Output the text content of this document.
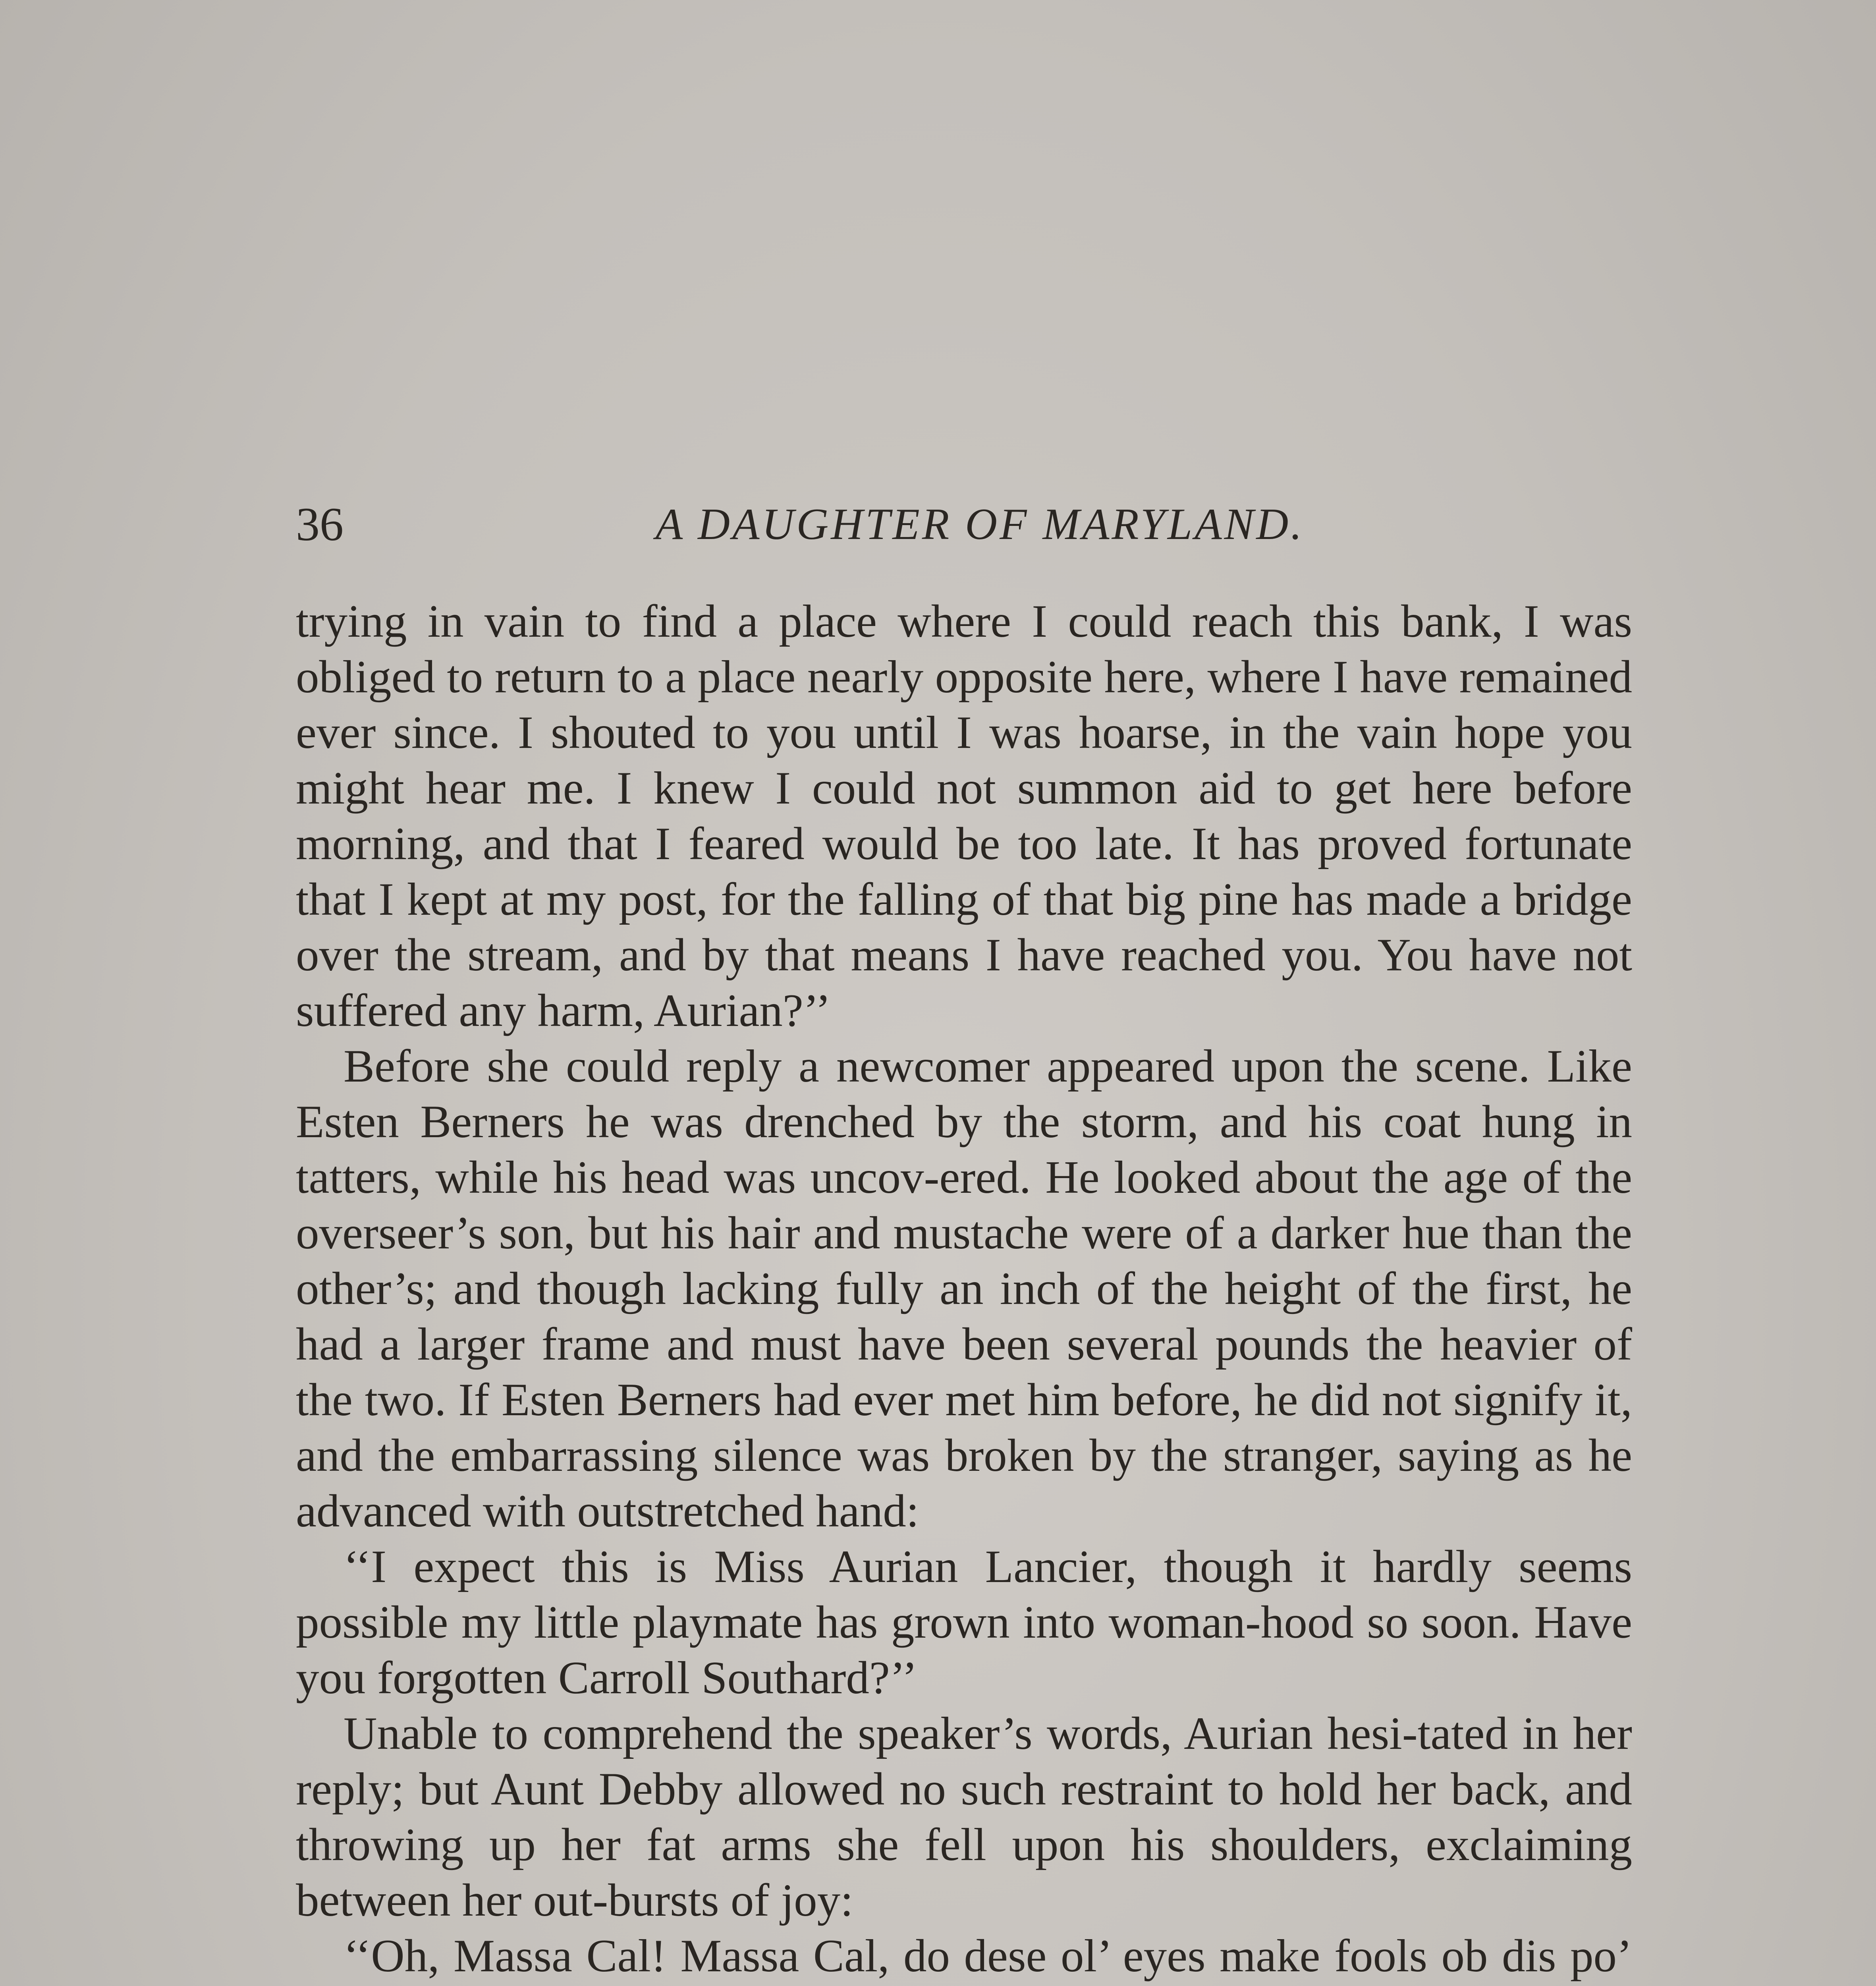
36	A DAUGHTER OF MARYLAND.

trying in vain to find a place where I could reach this bank, I was obliged to return to a place nearly opposite here, where I have remained ever since. I shouted to you until I was hoarse, in the vain hope you might hear me. I knew I could not summon aid to get here before morning, and that I feared would be too late. It has proved fortunate that I kept at my post, for the falling of that big pine has made a bridge over the stream, and by that means I have reached you. You have not suffered any harm, Aurian?’’

Before she could reply a newcomer appeared upon the scene. Like Esten Berners he was drenched by the storm, and his coat hung in tatters, while his head was uncov-ered. He looked about the age of the overseer’s son, but his hair and mustache were of a darker hue than the other’s; and though lacking fully an inch of the height of the first, he had a larger frame and must have been several pounds the heavier of the two. If Esten Berners had ever met him before, he did not signify it, and the embarrassing silence was broken by the stranger, saying as he advanced with outstretched hand:

‘‘I expect this is Miss Aurian Lancier, though it hardly seems possible my little playmate has grown into woman-hood so soon. Have you forgotten Carroll Southard?’’

Unable to comprehend the speaker’s words, Aurian hesi-tated in her reply; but Aunt Debby allowed no such restraint to hold her back, and throwing up her fat arms she fell upon his shoulders, exclaiming between her out-bursts of joy:

‘‘Oh, Massa Cal! Massa Cal, do dese ol’ eyes make fools ob dis po’
